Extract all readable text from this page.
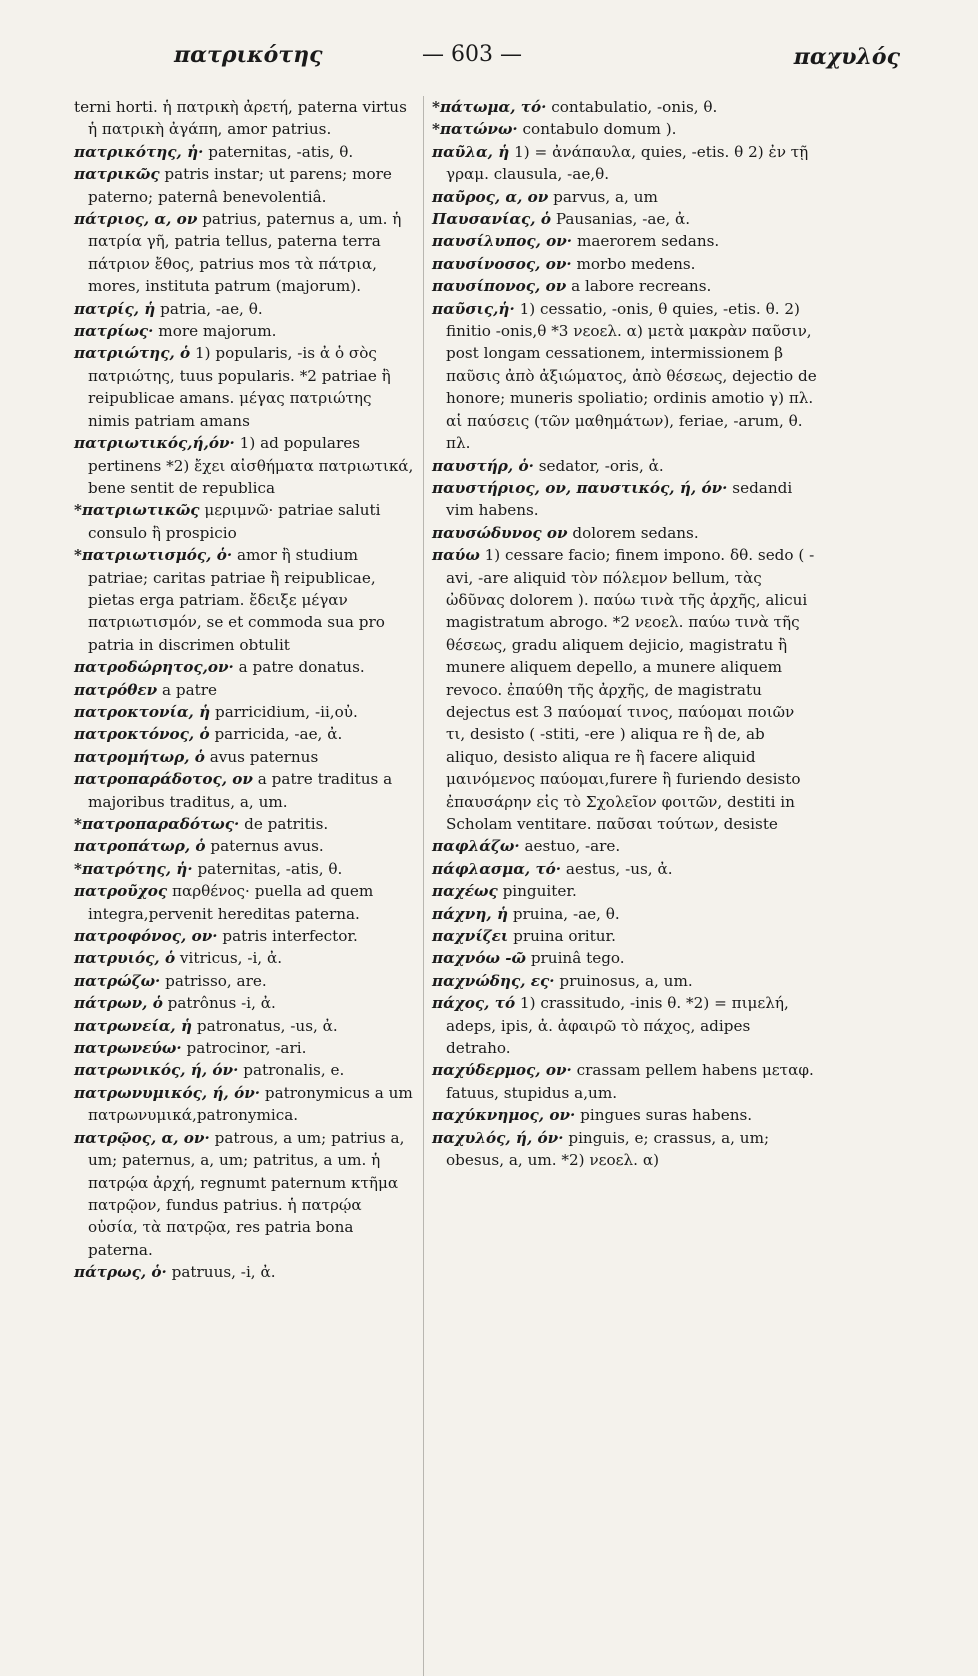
πατρικότης	— 603 —	παχυλός

terni horti. ἡ πατρικὴ ἀρετή, paterna virtus ἡ πατρικὴ ἀγάπη, amor patrius.

πατρικότης, ἡ· paternitas, -atis, θ.

πατρικῶς patris instar; ut parens; more paterno; paternâ benevolentiâ.

πάτριος, α, ον patrius, paternus a, um. ἡ πατρία γῆ, patria tellus, paterna terra πάτριον ἔθος, patrius mos τὰ πάτρια, mores, instituta patrum (majorum).

πατρίς, ἡ patria, -ae, θ.

πατρίως· more majorum.

πατριώτης, ὁ 1) popularis, -is ἀ ὁ σὸς πατριώτης, tuus popularis. *2 patriae ἢ reipublicae amans. μέγας πατριώτης nimis patriam amans

πατριωτικός,ή,όν· 1) ad populares pertinens *2) ἔχει αἰσθήματα πατριωτικά, bene sentit de republica

*πατριωτικῶς μεριμνῶ· patriae saluti consulo ἢ prospicio

*πατριωτισμός, ὁ· amor ἢ studium patriae; caritas patriae ἢ reipublicae, pietas erga patriam. ἔδειξε μέγαν πατριωτισμόν, se et commoda sua pro patria in discrimen obtulit

πατροδώρητος,ον· a patre donatus.

πατρόθεν a patre

πατροκτονία, ἡ parricidium, -ii,οὐ.

πατροκτόνος, ὁ parricida, -ae, ἀ.

πατρομήτωρ, ὁ avus paternus

πατροπαράδοτος, ον a patre traditus a majoribus traditus, a, um.

*πατροπαραδότως· de patritis.

πατροπάτωρ, ὁ paternus avus.

*πατρότης, ἡ· paternitas, -atis, θ.

πατροῦχος παρθένος· puella ad quem integra,pervenit hereditas paterna.

πατροφόνος, ον· patris interfector.

πατρυιός, ὁ vitricus, -i, ἀ.

πατρώζω· patrisso, are.

πάτρων, ὁ patrônus -i, ἀ.

πατρωνεία, ἡ patronatus, -us, ἀ.

πατρωνεύω· patrocinor, -ari.

πατρωνικός, ή, όν· patronalis, e.

πατρωνυμικός, ή, όν· patronymicus a um πατρωνυμικά,patronymica.

πατρῷος, α, ον· patrous, a um; patrius a, um; paternus, a, um; patritus, a um. ἡ πατρῴα ἀρχή, regnumt paternum κτῆμα πατρῷον, fundus patrius. ἡ πατρῴα οὐσία, τὰ πατρῷα, res patria bona paterna.

πάτρως, ὁ· patruus, -i, ἀ.

*πάτωμα, τό· contabulatio, -onis, θ.

*πατώνω· contabulo domum ).

παῦλα, ἡ 1) = ἀνάπαυλα, quies, -etis. θ 2) ἐν τῇ γραμ. clausula, -ae,θ.

παῦρος, α, ον parvus, a, um

Παυσανίας, ὁ Pausanias, -ae, ἀ.

παυσίλυπος, ον· maerorem sedans.

παυσίνοσος, ον· morbo medens.

παυσίπονος, ον a labore recreans.

παῦσις,ἡ· 1) cessatio, -onis, θ quies, -etis. θ. 2) finitio -onis,θ *3 νεοελ. α) μετὰ μακρὰν παῦσιν, post longam cessationem, intermissionem β παῦσις ἀπὸ ἀξιώματος, ἀπὸ θέσεως, dejectio de honore; muneris spoliatio; ordinis amotio γ) πλ. αἱ παύσεις (τῶν μαθημάτων), feriae, -arum, θ. πλ.

παυστήρ, ὁ· sedator, -oris, ἀ.

παυστήριος, ον, παυστικός, ή, όν· sedandi vim habens.

παυσώδυνος ον dolorem sedans.

παύω 1) cessare facio; finem impono. δθ. sedo ( -avi, -are aliquid τὸν πόλεμον bellum, τὰς ὠδῦνας dolorem ). παύω τινὰ τῆς ἀρχῆς, alicui magistratum abrogo. *2 νεοελ. παύω τινὰ τῆς θέσεως, gradu aliquem dejicio, magistratu ἢ munere aliquem depello, a munere aliquem revoco. ἐπαύθη τῆς ἀρχῆς, de magistratu dejectus est 3 παύομαί τινος, παύομαι ποιῶν τι, desisto ( -stiti, -ere ) aliqua re ἢ de, ab aliquo, desisto aliqua re ἢ facere aliquid μαινόμενος παύομαι,furere ἢ furiendo desisto ἐπαυσάρην εἰς τὸ Σχολεῖον φοιτῶν, destiti in Scholam ventitare. παῦσαι τούτων, desiste

παφλάζω· aestuo, -are.

πάφλασμα, τό· aestus, -us, ἀ.

παχέως pinguiter.

πάχνη, ἡ pruina, -ae, θ.

παχνίζει pruina oritur.

παχνόω -ῶ pruinâ tego.

παχνώδης, ες· pruinosus, a, um.

πάχος, τό 1) crassitudo, -inis θ. *2) = πιμελή, adeps, ipis, ἀ. ἀφαιρῶ τὸ πάχος, adipes detraho.

παχύδερμος, ον· crassam pellem habens μεταφ. fatuus, stupidus a,um.

παχύκνημος, ον· pingues suras habens.

παχυλός, ή, όν· pinguis, e; crassus, a, um; obesus, a, um. *2) νεοελ. α)
